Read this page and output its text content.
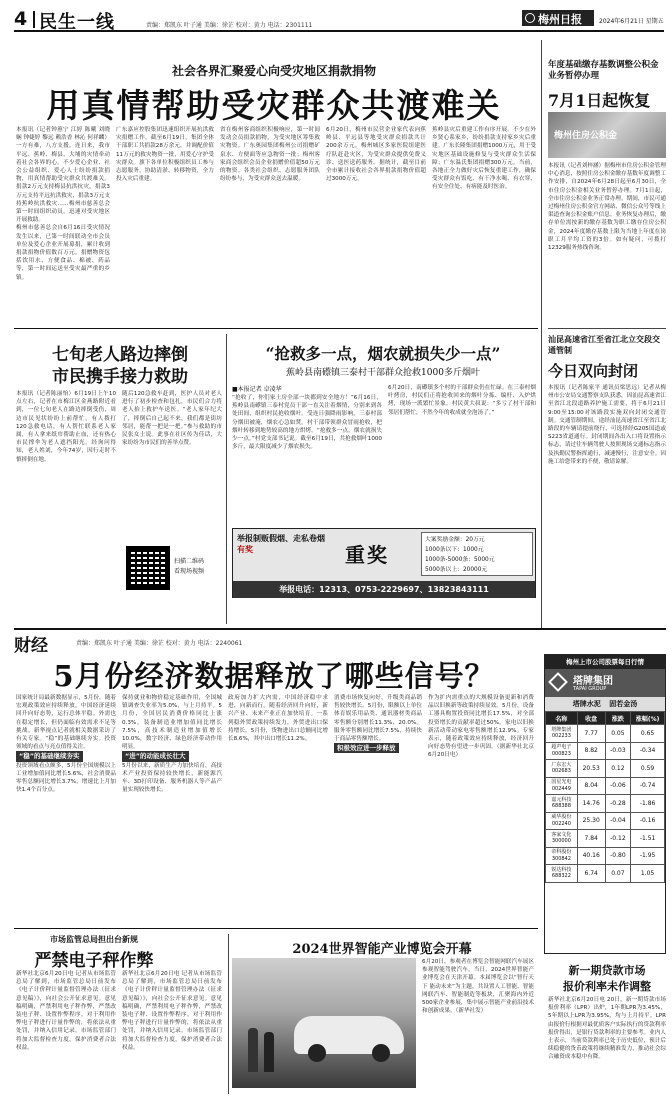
4 民生一线	责编：郑凯东 叶子通 美编：徐芷 校对：黄力 电话：2301111	梅州日报	2024年6月21日 星期五
社会各界汇聚爱心向受灾地区捐款捐物
用真情帮助受灾群众共渡难关
本报讯（记者钟蕙宁 江婷 陈曦 刘晓娴 钟婕婷 黎远 赖浩香 林沁 何祥麟）一方有难，八方支援。连日来，我市平远、蕉岭、梅县、大埔的灾情牵动着社会各界的心。不少爱心企业、社会公益组织、爱心人士纷纷捐款捐物，用真情帮助受灾群众共渡难关。捐款2万元支持梅县抗洪抗灾，捐款3万元支持平远抗洪救灾，捐款3万元支持蕉岭抗洪救灾……梅州市慈善总会第一时间组织动员，迅速对受灾地区开展救助。
梅州市慈善总会自6月16日受灾情况发生以来，已第一时间联动全市会员单位及爱心企业开展募捐，累计收到捐款捐物价值数百万元。捐赠物资包括饮用水、方便食品、棉被、药品等，第一时间运送至受灾最严重的乡镇。
广东嘉应控股集团迅速组织开展抗洪救灾捐赠工作，截至6月19日，集团全体干部职工共捐款28万余元，并调配价值11万元的救灾物资一批，用爱心守护受灾群众。旗下各单位积极组织员工参与志愿服务，协助清淤、转移物资，全力投入灾后重建。
省在梅州客商组织积极响应，第一时间发动会员捐款捐物，为受灾地区筹集救灾物资。广东奥园集团梅州公司捐赠矿泉水、方便面等应急物资一批；梅州客家商会组织会员企业捐赠价值超50万元的物资。各类社会组织、志愿服务团队纷纷参与，为受灾群众送去温暖。
6月20日，梅州市民营企业家代表向蕉岭县、平远县等地受灾群众捐款共计200余万元。梅州城区多家医院组建医疗队赶赴灾区，为受灾群众提供免费义诊、送医送药服务。据统计，截至目前全市累计接收社会各界捐款捐物价值超过3000万元。
蕉岭县灾后重建工作有序开展。不少在外乡贤心系家乡，纷纷捐款支持家乡灾后重建。广东长隆集团捐赠1000万元，用于受灾地区基础设施修复与受灾群众生活保障；广东温氏集团捐赠300万元。当前，各地正全力做好灾后恢复重建工作，确保受灾群众有饭吃、有干净水喝、有衣穿、有安全住处、有病能及时医治。
年度基础缴存基数调整公积金业务暂停办理
7月1日起恢复
梅州住房公积金
本报讯（记者刘梓涵）据梅州市住房公积金管理中心消息，按照住房公积金缴存基数年度调整工作安排，自2024年6月28日起至6月30日，全市住房公积金相关业务暂停办理。7月1日起，全市住房公积金业务正常办理。期间，市民可通过梅州住房公积金官方网站、微信公众号等线上渠道查询公积金账户信息。业务恢复办理后，缴存单位需按新的缴存基数为职工缴存住房公积金，2024年度缴存基数上限为当地上年度在岗职工月平均工资的3倍。如有疑问，可拨打12329服务热线咨询。
汕昆高速省江至省江北立交段交通管制
今日双向封闭
本报讯（记者陈家平 通讯员梁思远）记者从梅州市公安局交通警察支队获悉，因汕昆高速省江至省江北段道路养护施工需要，将于6月21日9:00至15:00对该路段实施双向封闭交通管制。交通管制期间，途经汕昆高速省江至省江北路段的车辆请提前绕行，可选择经G205国道或S223省道通行。封闭期间各出入口将设置指示标志，请过往车辆驾驶人按照现场交通标志指示及执勤民警指挥通行，减速慢行，注意安全。因施工给您带来的不便，敬请谅解。
七旬老人路边摔倒
市民携手接力救助
本报讯（记者陈丽怡）6月19日上午10点左右，记者在市梅江区金燕路附近看到，一位七旬老人在路边摔倒受伤，周边市民见状纷纷上前帮忙。有人拨打120急救电话，有人帮忙联系老人家属，有人拿来纸巾帮助止血，还有热心市民撑伞为老人遮挡阳光。经询问得知，老人姓刘，今年74岁，因行走时不慎摔倒在地。
随后120急救车赶到，医护人员对老人进行了初步检查和包扎，市民们合力将老人抬上救护车送医。“老人家年纪大了，摔倒后自己起不来，我们都是街坊邻居，能帮一把是一把。”参与救助的市民张女士说。此事在社区传为佳话，大家纷纷为市民们的善举点赞。
扫描二维码
看现场视频
“抢救多一点，烟农就损失少一点”
蕉岭县南礤镇三泰村干部群众抢救1000多斤烟叶
■本报记者 卓凌华
“抢收了，你们家土房全部一块都到安全地方！”6月16日，蕉岭县南礤镇三泰村党员干部一直关注着烟情，分别来到各处田间，组织村民抢收烟叶。受连日强降雨影响，三泰村部分烟田被淹，烟农心急如焚。村干部带领群众冒雨抢收，把烟叶转移到地势较高的地方烘烤。“抢救多一点，烟农就损失少一点。”村党支部书记说。截至6月19日，共抢救烟叶1000多斤，最大限度减少了烟农损失。
6月20日，南礤镇多个村的干部群众仍在忙碌。在三泰村烟叶烤房，村民们正将抢收回来的烟叶分拣、编杆、入炉烘烤，现场一派繁忙景象。村民黄大叔说：“多亏了村干部和邻居们帮忙，不然今年的收成就全泡汤了。”
举报制贩假烟、走私卷烟 有奖	重奖
大案奖励金额：20万元
1000条以下：1000元
1000条-5000条：5000元
5000条以上：20000元
举报电话：12313、0753-2229697、13823843111
财经	责编：郑凯东 叶子通 美编：徐芷 校对：黄力 电话：2240061
5月份经济数据释放了哪些信号？
国家统计局最新数据显示，5月份，随着宏观政策效应持续释放，中国经济延续回升向好态势，运行总体平稳。外需也在稳定增长，但仍面临有效需求不足等挑战。新华视点记者就相关数据采访了有关专家。“稳”的基础继续夯实。投资领域的看点与亮点值得关注。
“稳”的基础继续夯实
投资领域看点颇多，5月份全国规模以上工业增加值同比增长5.6%，社会消费品零售总额同比增长3.7%，增速比上月加快1.4个百分点。
保持就业和物价稳定基础作用，全国城镇调查失业率为5.0%，与上月持平。5月份，全国居民消费价格同比上涨0.3%。装备制造业增加值同比增长7.5%，高技术制造业增加值增长10.0%，数字经济、绿色经济带动作用明显。
“进”的动能成长壮大
5月份以来，新质生产力加快培育，高技术产业投资保持较快增长，新能源汽车、3D打印设备、服务机器人等产品产量实现较快增长。
政府加力扩大内需，中国经济稳中求进，向新而行。随着经济回升向好，新兴产业、未来产业正在加快培育。一系列稳外贸政策持续发力，外贸进出口保持增长。5月份，货物进出口总额同比增长8.6%，其中出口增长11.2%。
消费市场恢复向好，升级类商品销售较快增长。5月份，限额以上单位体育娱乐用品类、通讯器材类商品零售额分别增长11.3%、20.0%。服务零售额同比增长7.5%，持续快于商品零售额增长。
积极效应进一步释放
作为扩内需重点的大规模设备更新和消费品以旧换新等政策持续显效。5月份，设备工器具购置投资同比增长17.5%，对全部投资增长的贡献率超过50%。家电以旧换新活动带动家电零售额增长12.9%。专家表示，随着政策效应持续释放，经济回升向好态势有望进一步巩固。（据新华社北京6月20日电）
梅州上市公司股票每日行情
塔牌集团
TAPAI GROUP
塔牌水泥 固若金汤
名称	收盘	涨跌	涨幅(%)
塔牌集团
002233	7.77	0.05	0.65
超声电子
000823	8.82	-0.03	-0.34
广东宏大
002683	20.53	0.12	0.59
国星光电
002449	8.04	-0.06	-0.74
嘉元科技
688388	14.76	-0.28	-1.86
威华股份
002240	25.30	-0.04	-0.16
客家文化
300000	7.84	-0.12	-1.51
帝科股份
300842	40.16	-0.80	-1.95
锐达科技
688322	6.74	0.07	1.05
市场监管总局担出台新规
严禁电子秤作弊
新华社北京6月20日电 记者从市场监管总局了解到，市场监管总局日前发布《电子计价秤计量监督管理办法（征求意见稿）》，向社会公开征求意见。意见稿明确，严禁利用电子秤作弊，严禁改装电子秤、设置作弊程序。对于利用作弊电子秤进行计量作弊的，将依法从重处罚，并纳入信用记录。市场监管部门将加大监督检查力度，保护消费者合法权益。
新华社北京6月20日电 记者从市场监管总局了解到，市场监管总局日前发布《电子计价秤计量监督管理办法（征求意见稿）》，向社会公开征求意见。意见稿明确，严禁利用电子秤作弊，严禁改装电子秤、设置作弊程序。对于利用作弊电子秤进行计量作弊的，将依法从重处罚，并纳入信用记录。市场监管部门将加大监督检查力度，保护消费者合法权益。
2024世界智能产业博览会开幕
6月20日，参观者在博览会智能网联汽车展区参观智能驾驶汽车。当日，2024世界智能产业博览会在天津开幕。本届博览会以“智行天下 能动未来”为主题，共设置人工智能、智能网联汽车、智能制造等板块，汇聚海内外近500家企业参展，集中展示智能产业前沿技术和创新成果。（新华社发）
新一期贷款市场
报价利率未作调整
新华社北京6月20日电 20日，新一期贷款市场报价利率（LPR）出炉，1年期LPR为3.45%，5年期以上LPR为3.95%，均与上月持平。LPR由报价行根据对最优质客户实际执行的贷款利率报价得出，是银行贷款利率的主要参考。业内人士表示，当前贷款利率已处于历史低位，预计后续稳健的货币政策将继续精准发力，推动社会综合融资成本稳中有降。
